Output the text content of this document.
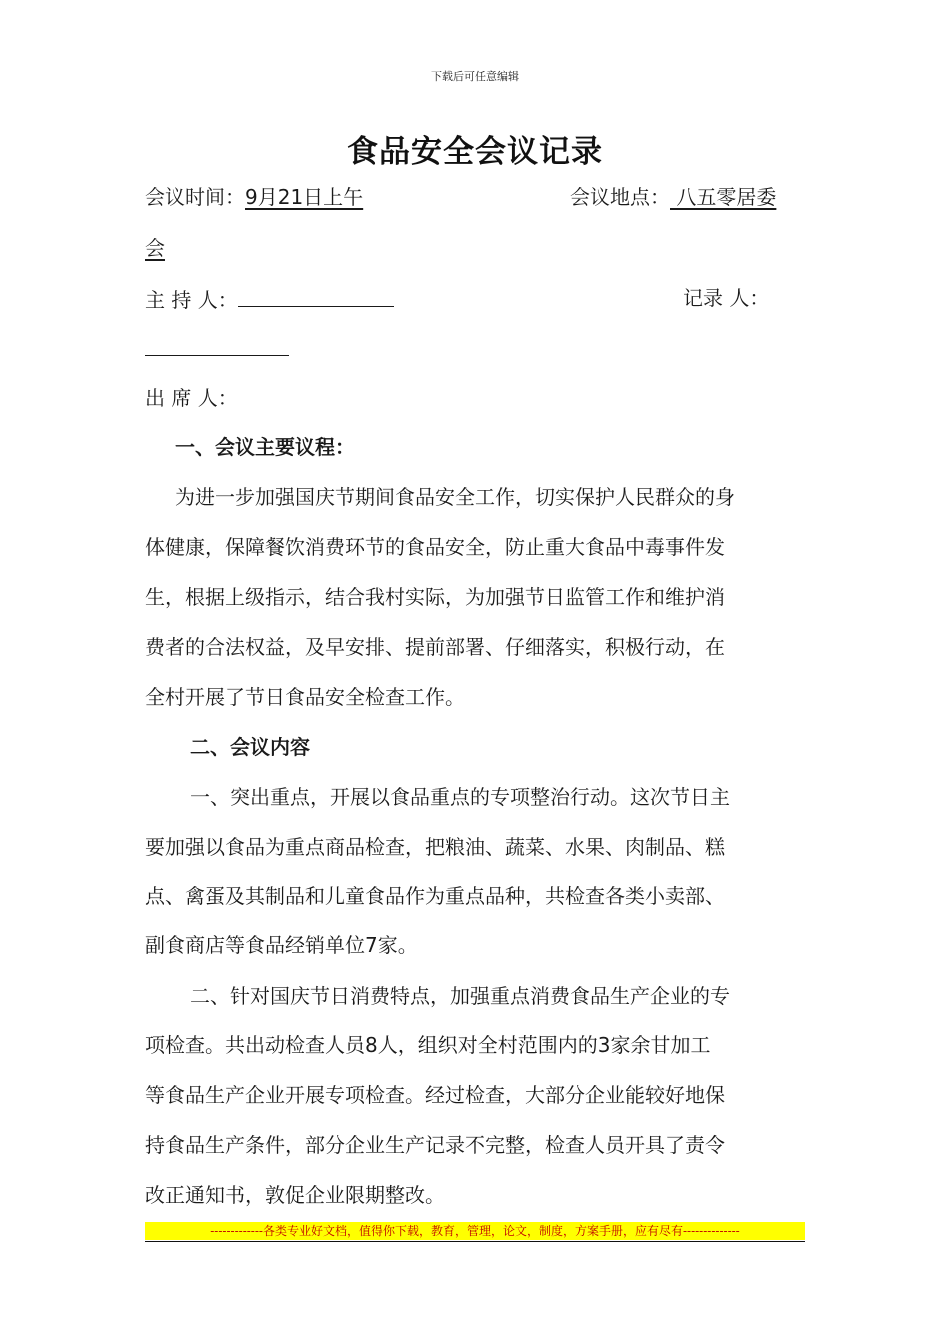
下载后可任意编辑
食品安全会议记录
会议时间：9月21日上午	会议地点： 八五零居委
会
主 持 人：	记录 人：
出 席 人：
一、会议主要议程：
为进一步加强国庆节期间食品安全工作，切实保护人民群众的身
体健康，保障餐饮消费环节的食品安全，防止重大食品中毒事件发
生，根据上级指示，结合我村实际，为加强节日监管工作和维护消
费者的合法权益，及早安排、提前部署、仔细落实，积极行动，在
全村开展了节日食品安全检查工作。
二、会议内容
一、突出重点，开展以食品重点的专项整治行动。这次节日主
要加强以食品为重点商品检查，把粮油、蔬菜、水果、肉制品、糕
点、禽蛋及其制品和儿童食品作为重点品种，共检查各类小卖部、
副食商店等食品经销单位7家。
二、针对国庆节日消费特点，加强重点消费食品生产企业的专
项检查。共出动检查人员8人，组织对全村范围内的3家余甘加工
等食品生产企业开展专项检查。经过检查，大部分企业能较好地保
持食品生产条件，部分企业生产记录不完整，检查人员开具了责令
改正通知书，敦促企业限期整改。
-------------各类专业好文档，值得你下载，教育，管理，论文，制度，方案手册，应有尽有--------------
